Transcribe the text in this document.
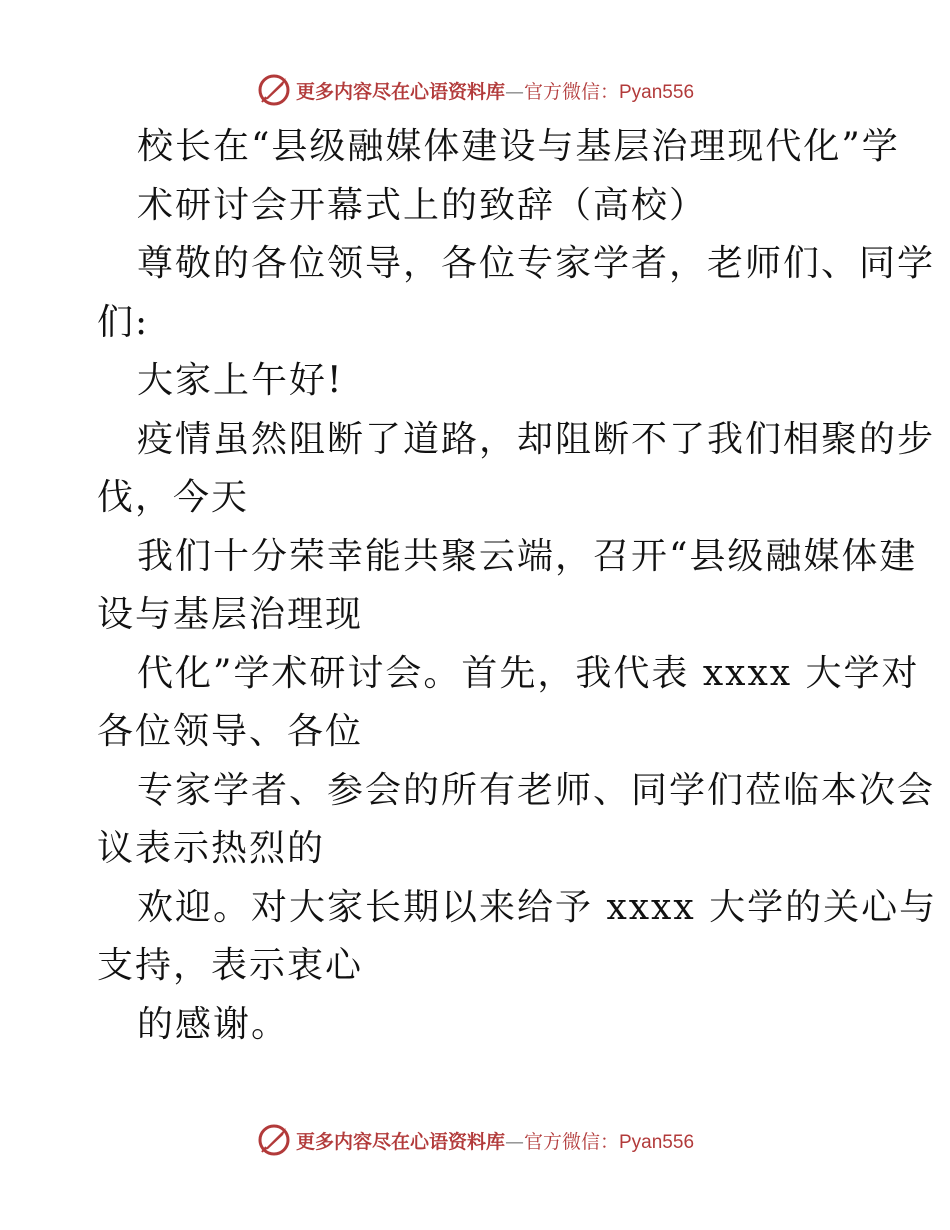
更多内容尽在心语资料库—官方微信：Pyan556
校长在“县级融媒体建设与基层治理现代化”学
术研讨会开幕式上的致辞（高校）
尊敬的各位领导，各位专家学者，老师们、同学
们:
大家上午好!
疫情虽然阻断了道路，却阻断不了我们相聚的步
伐，今天
我们十分荣幸能共聚云端，召开“县级融媒体建
设与基层治理现
代化”学术研讨会。首先，我代表 xxxx 大学对
各位领导、各位
专家学者、参会的所有老师、同学们莅临本次会
议表示热烈的
欢迎。对大家长期以来给予 xxxx 大学的关心与
支持，表示衷心
的感谢。
更多内容尽在心语资料库—官方微信：Pyan556
